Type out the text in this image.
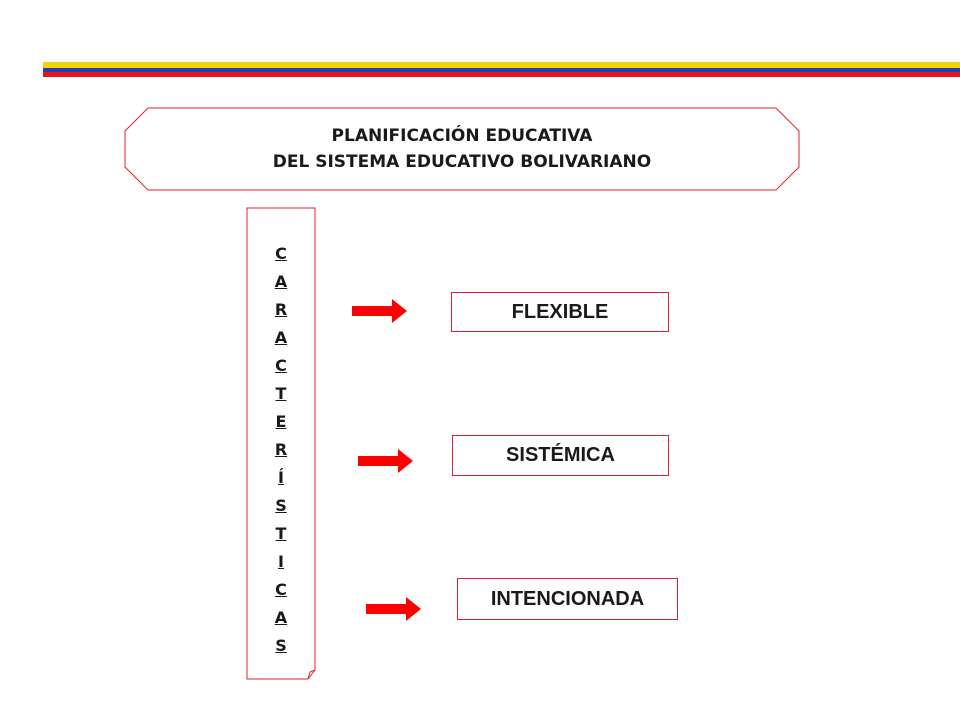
PLANIFICACIÓN EDUCATIVA
DEL SISTEMA EDUCATIVO BOLIVARIANO
C
A
R
A
C
T
E
R
Í
S
T
I
C
A
S
FLEXIBLE
SISTÉMICA
INTENCIONADA
